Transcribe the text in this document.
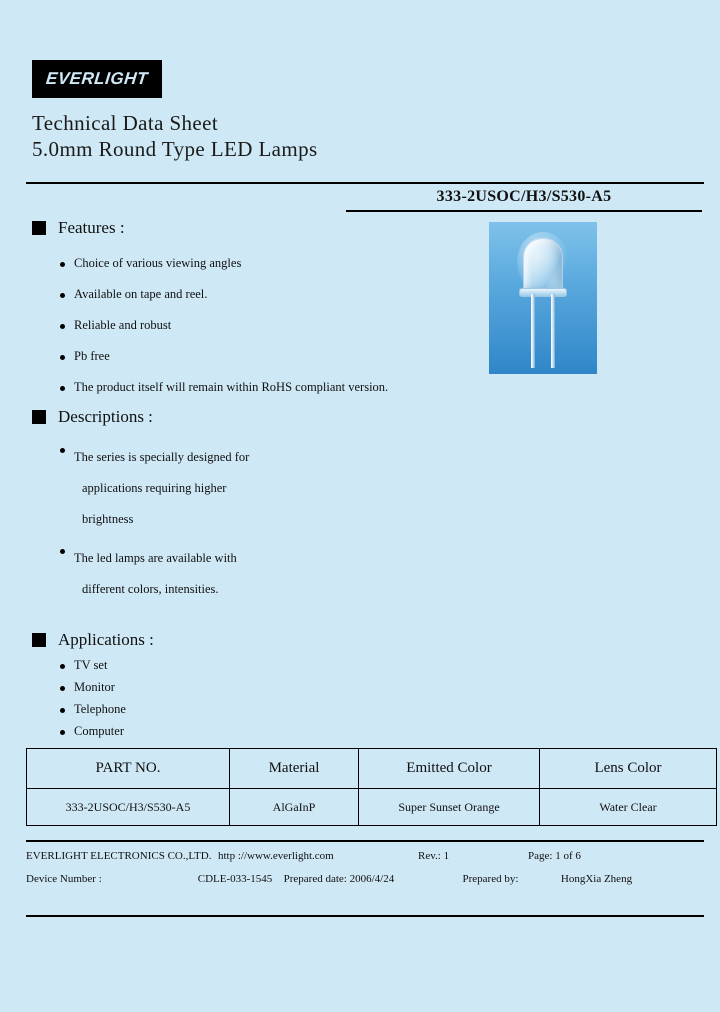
EVERLIGHT
Technical Data Sheet
5.0mm Round Type LED Lamps
333-2USOC/H3/S530-A5
Features :
Choice of various viewing angles
Available on tape and reel.
Reliable and robust
Pb free
The product itself will remain within RoHS compliant version.
Descriptions :
The series is specially designed for
applications requiring higher
brightness
The led lamps are available with
different colors, intensities.
Applications :
TV set
Monitor
Telephone
Computer
PART NO.	Material	Emitted Color	Lens Color
333-2USOC/H3/S530-A5	AlGaInP	Super Sunset Orange	Water Clear
EVERLIGHT ELECTRONICS CO.,LTD. http ://www.everlight.com	Rev.: 1	Page: 1 of 6
Device Number :	CDLE-033-1545	Prepared date: 2006/4/24	Prepared by:	HongXia Zheng
